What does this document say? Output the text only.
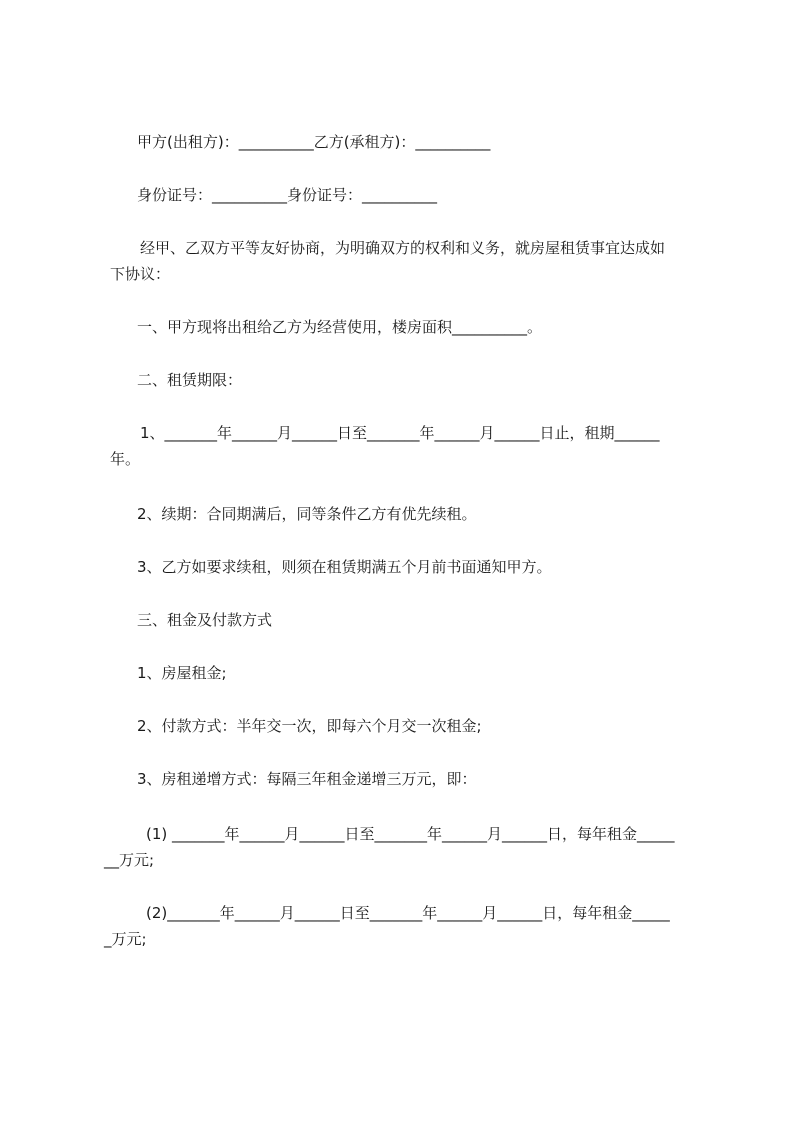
甲方(出租方)：__________乙方(承租方)：__________
身份证号：__________身份证号：__________
经甲、乙双方平等友好协商，为明确双方的权利和义务，就房屋租赁事宜达成如
下协议：
一、甲方现将出租给乙方为经营使用，楼房面积__________。
二、租赁期限：
1、_______年______月______日至_______年______月______日止，租期______
年。
2、续期：合同期满后，同等条件乙方有优先续租。
3、乙方如要求续租，则须在租赁期满五个月前书面通知甲方。
三、租金及付款方式
1、房屋租金;
2、付款方式：半年交一次，即每六个月交一次租金;
3、房租递增方式：每隔三年租金递增三万元，即：
(1) _______年______月______日至_______年______月______日，每年租金_____
__万元;
(2)_______年______月______日至_______年______月______日，每年租金_____
_万元;
